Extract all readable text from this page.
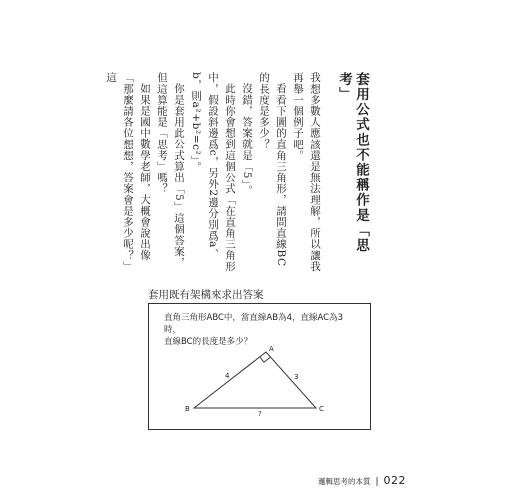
套用公式也不能稱作是「思考」

我想多數人應該還是無法理解，所以讓我再舉一個例子吧。

看看下圖的直角三角形，請問直線BC的長度是多少？

沒錯，答案就是「5」。

此時你會想到這個公式「在直角三角形中，假設斜邊爲c，另外2邊分別爲a、b，則a²+b²=c²」。

你是套用此公式算出「5」這個答案，但這算能是「思考」嗎？

如果是國中數學老師，大概會說出像「那麼請各位想想，答案會是多少呢？」這

套用既有架構來求出答案
直角三角形ABC中，當直線AB為4，直線AC為3時，
直線BC的長度是多少？
A
B	C
4	3
?
邏輯思考的本質 | 022
